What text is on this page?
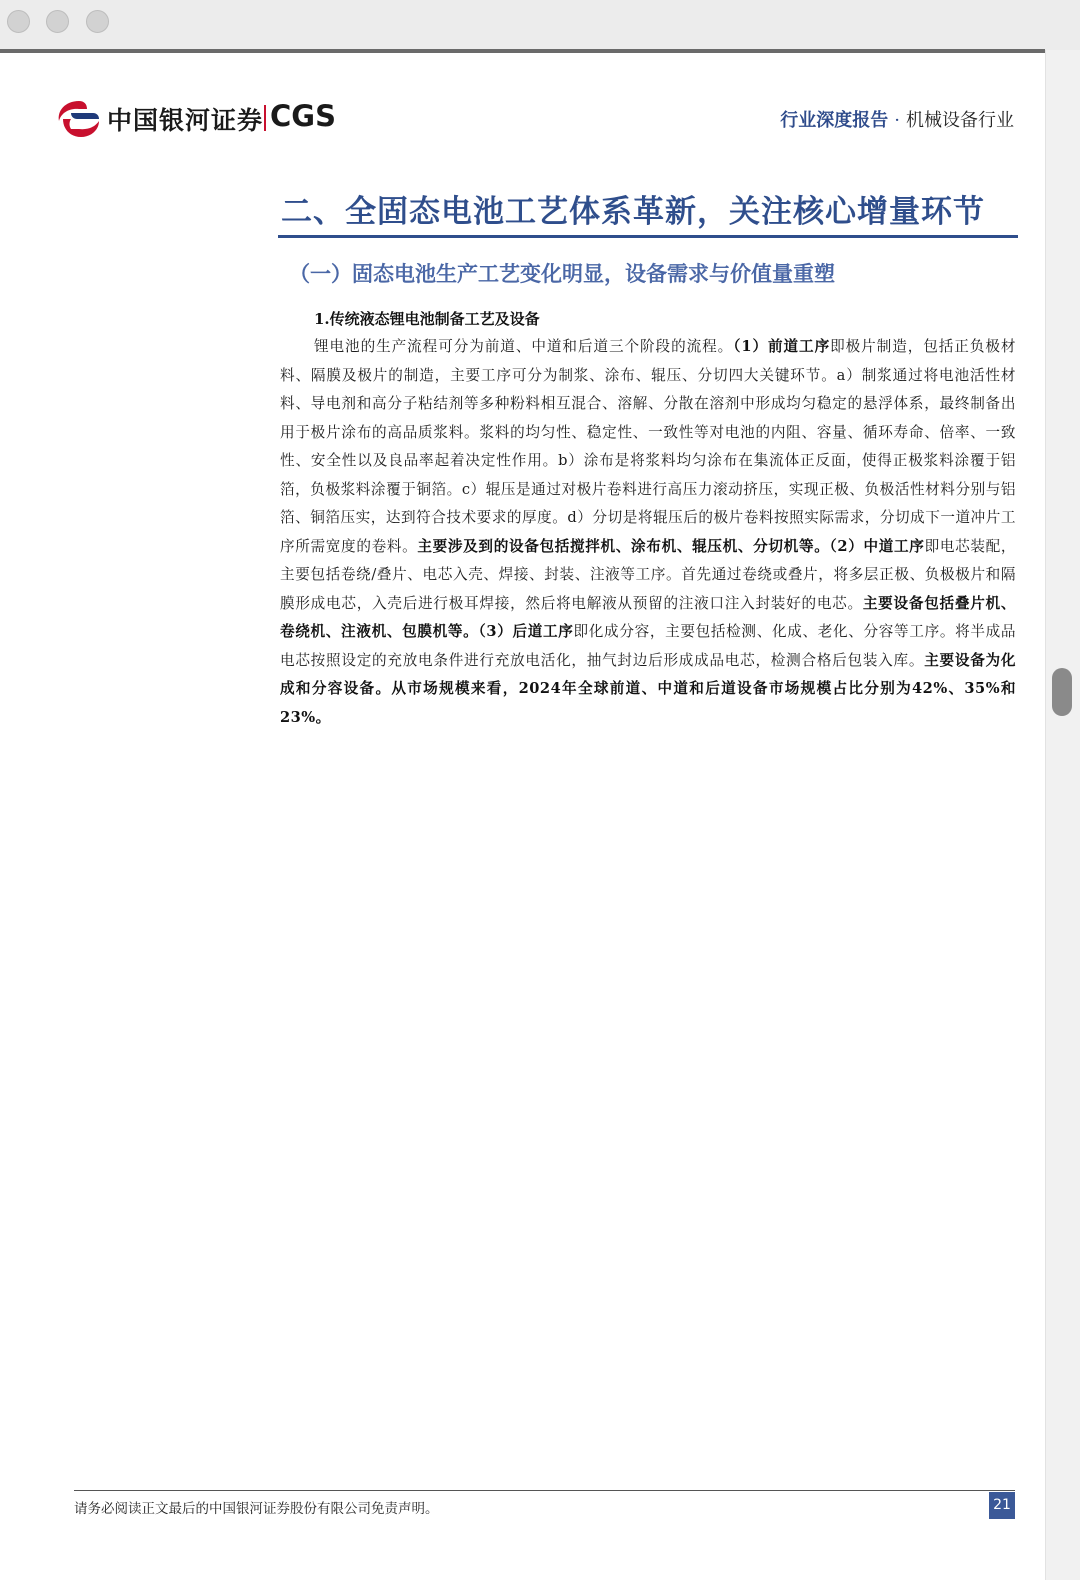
中国银河证券 CGS	行业深度报告 · 机械设备行业
二、全固态电池工艺体系革新，关注核心增量环节
（一）固态电池生产工艺变化明显，设备需求与价值量重塑
1.传统液态锂电池制备工艺及设备
锂电池的生产流程可分为前道、中道和后道三个阶段的流程。（1）前道工序即极片制造，包括正负极材料、隔膜及极片的制造，主要工序可分为制浆、涂布、辊压、分切四大关键环节。a）制浆通过将电池活性材料、导电剂和高分子粘结剂等多种粉料相互混合、溶解、分散在溶剂中形成均匀稳定的悬浮体系，最终制备出用于极片涂布的高品质浆料。浆料的均匀性、稳定性、一致性等对电池的内阻、容量、循环寿命、倍率、一致性、安全性以及良品率起着决定性作用。b）涂布是将浆料均匀涂布在集流体正反面，使得正极浆料涂覆于铝箔，负极浆料涂覆于铜箔。c）辊压是通过对极片卷料进行高压力滚动挤压，实现正极、负极活性材料分别与铝箔、铜箔压实，达到符合技术要求的厚度。d）分切是将辊压后的极片卷料按照实际需求，分切成下一道冲片工序所需宽度的卷料。主要涉及到的设备包括搅拌机、涂布机、辊压机、分切机等。（2）中道工序即电芯装配，主要包括卷绕/叠片、电芯入壳、焊接、封装、注液等工序。首先通过卷绕或叠片，将多层正极、负极极片和隔膜形成电芯，入壳后进行极耳焊接，然后将电解液从预留的注液口注入封装好的电芯。主要设备包括叠片机、卷绕机、注液机、包膜机等。（3）后道工序即化成分容，主要包括检测、化成、老化、分容等工序。将半成品电芯按照设定的充放电条件进行充放电活化，抽气封边后形成成品电芯，检测合格后包装入库。主要设备为化成和分容设备。从市场规模来看，2024年全球前道、中道和后道设备市场规模占比分别为42%、35%和23%。
请务必阅读正文最后的中国银河证券股份有限公司免责声明。	21
